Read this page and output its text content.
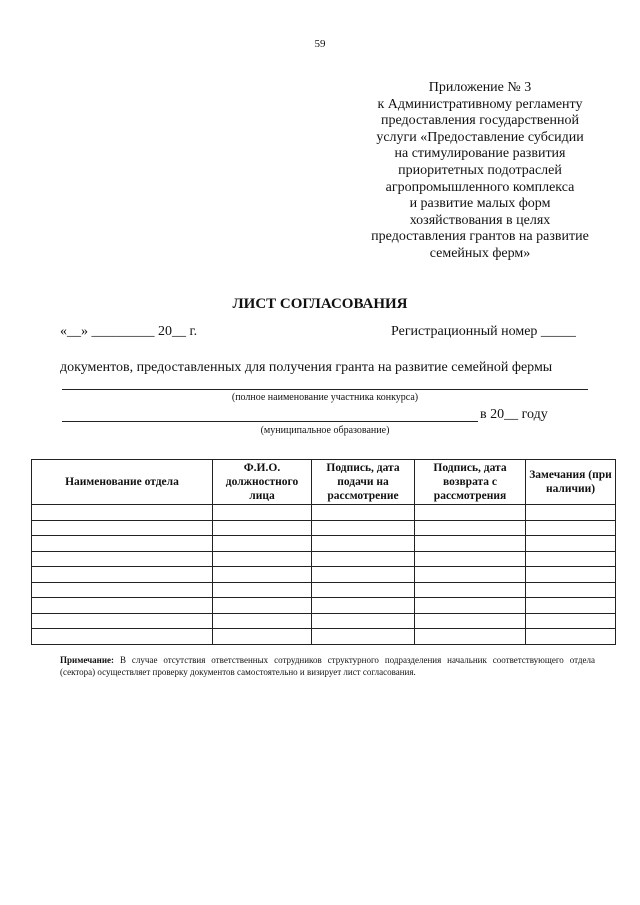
59
Приложение № 3
к Административному регламенту
предоставления государственной
услуги «Предоставление субсидии
на стимулирование развития
приоритетных подотраслей
агропромышленного комплекса
и развитие малых форм
хозяйствования в целях
предоставления грантов на развитие
семейных ферм»
ЛИСТ СОГЛАСОВАНИЯ
«__» _________ 20__ г.	Регистрационный номер _____
документов, предоставленных для получения гранта на развитие семейной фермы
(полное наименование участника конкурса)
в 20__ году
(муниципальное образование)
Наименование отдела	Ф.И.О. должностного лица	Подпись, дата подачи на рассмотрение	Подпись, дата возврата с рассмотрения	Замечания (при наличии)

Примечание: В случае отсутствия ответственных сотрудников структурного подразделения начальник соответствующего отдела (сектора) осуществляет проверку документов самостоятельно и визирует лист согласования.
